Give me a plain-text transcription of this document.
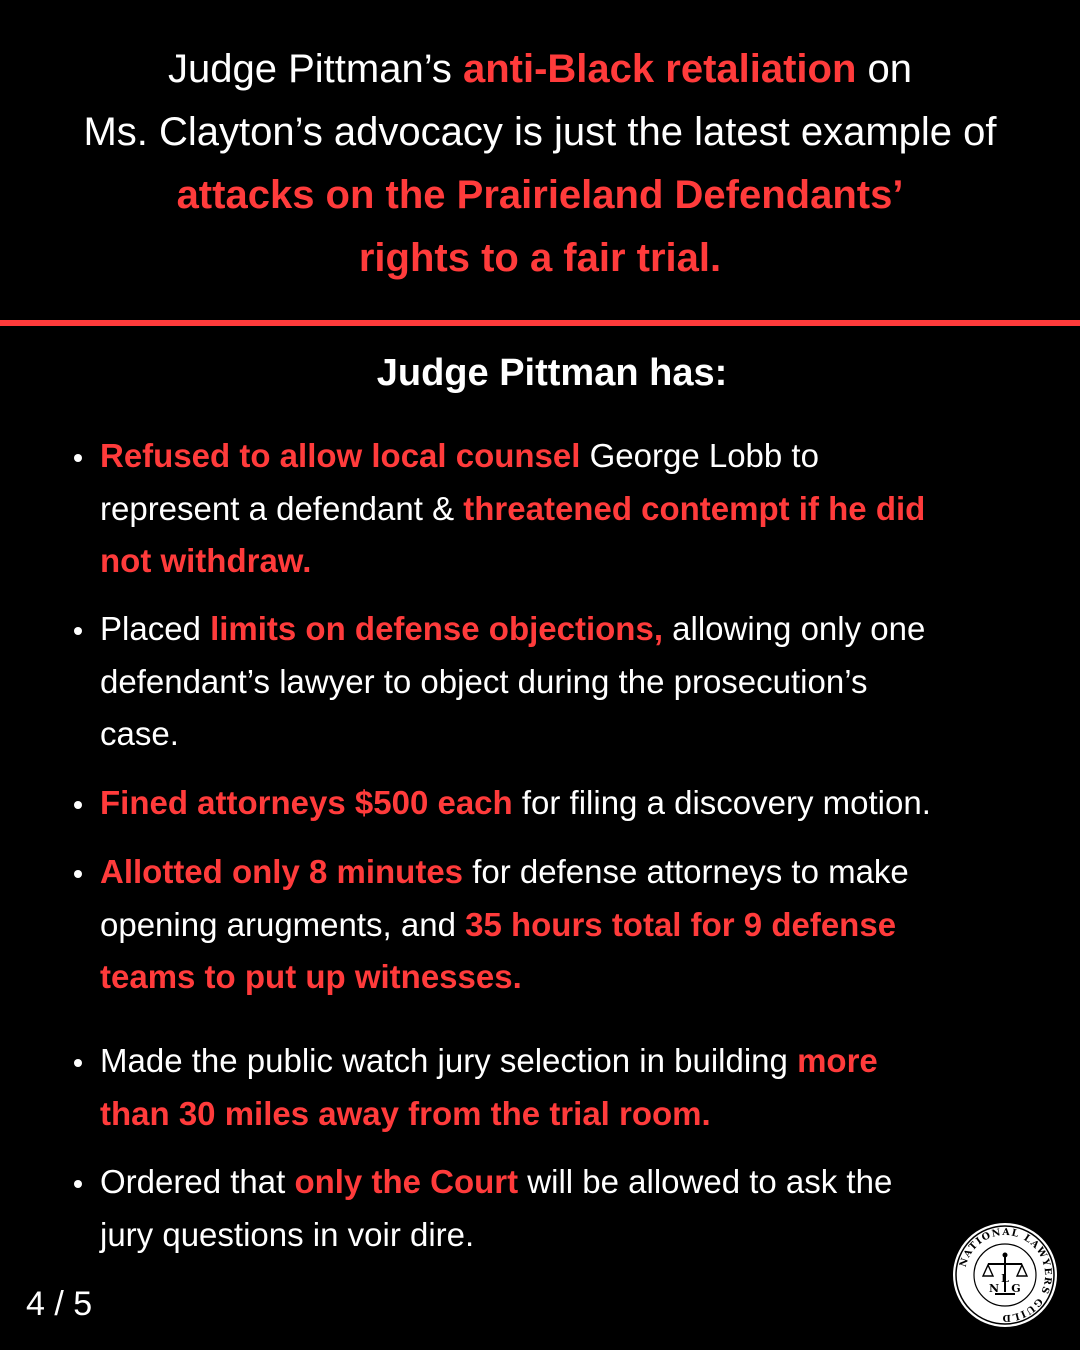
Judge Pittman’s anti-Black retaliation on
Ms. Clayton’s advocacy is just the latest example of
attacks on the Prairieland Defendants’
rights to a fair trial.
Judge Pittman has:
Refused to allow local counsel George Lobb to
represent a defendant & threatened contempt if he did
not withdraw.
Placed limits on defense objections, allowing only one
defendant’s lawyer to object during the prosecution’s
case.
Fined attorneys $500 each for filing a discovery motion.
Allotted only 8 minutes for defense attorneys to make
opening arugments, and 35 hours total for 9 defense
teams to put up witnesses.
Made the public watch jury selection in building more
than 30 miles away from the trial room.
Ordered that only the Court will be allowed to ask the
jury questions in voir dire.
4 / 5
NATIONAL LAWYERS GUILD
N
L
G
